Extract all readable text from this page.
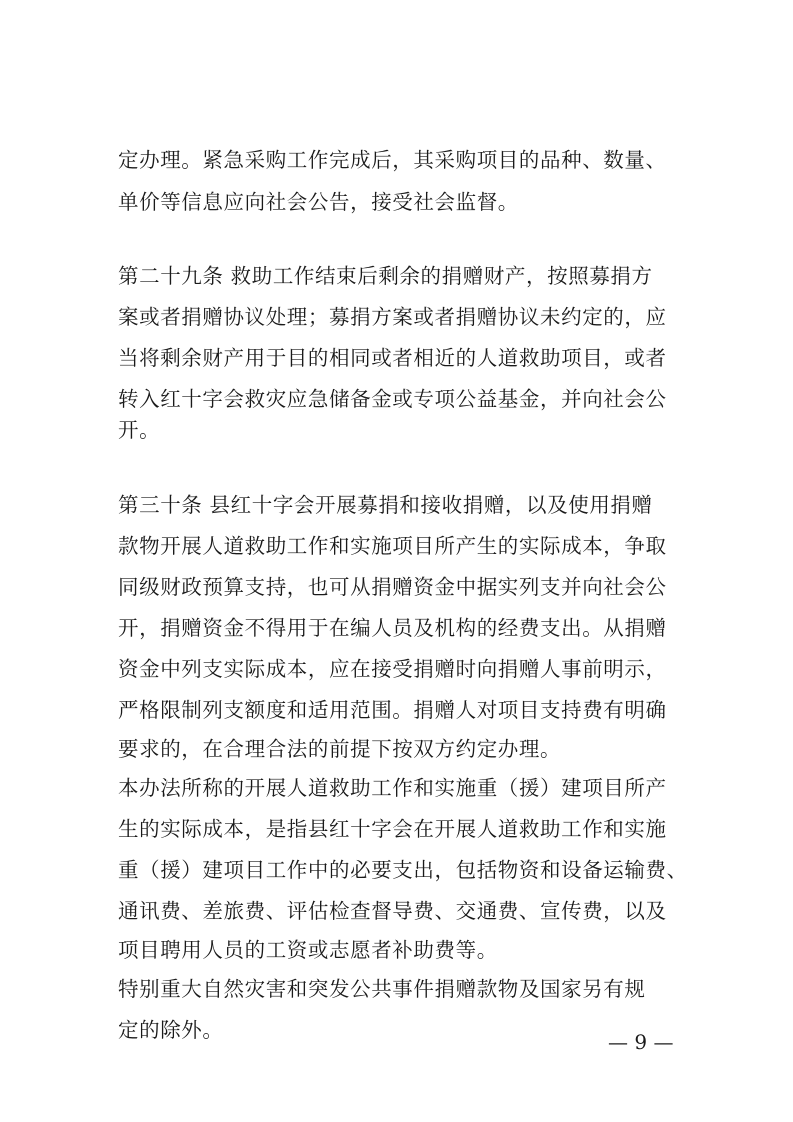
定办理。紧急采购工作完成后，其采购项目的品种、数量、
单价等信息应向社会公告，接受社会监督。
第二十九条 救助工作结束后剩余的捐赠财产，按照募捐方
案或者捐赠协议处理；募捐方案或者捐赠协议未约定的，应
当将剩余财产用于目的相同或者相近的人道救助项目，或者
转入红十字会救灾应急储备金或专项公益基金，并向社会公
开。
第三十条 县红十字会开展募捐和接收捐赠，以及使用捐赠
款物开展人道救助工作和实施项目所产生的实际成本，争取
同级财政预算支持，也可从捐赠资金中据实列支并向社会公
开，捐赠资金不得用于在编人员及机构的经费支出。从捐赠
资金中列支实际成本，应在接受捐赠时向捐赠人事前明示，
严格限制列支额度和适用范围。捐赠人对项目支持费有明确
要求的，在合理合法的前提下按双方约定办理。
本办法所称的开展人道救助工作和实施重（援）建项目所产
生的实际成本，是指县红十字会在开展人道救助工作和实施
重（援）建项目工作中的必要支出，包括物资和设备运输费、
通讯费、差旅费、评估检查督导费、交通费、宣传费，以及
项目聘用人员的工资或志愿者补助费等。
特别重大自然灾害和突发公共事件捐赠款物及国家另有规
定的除外。	— 9 —
